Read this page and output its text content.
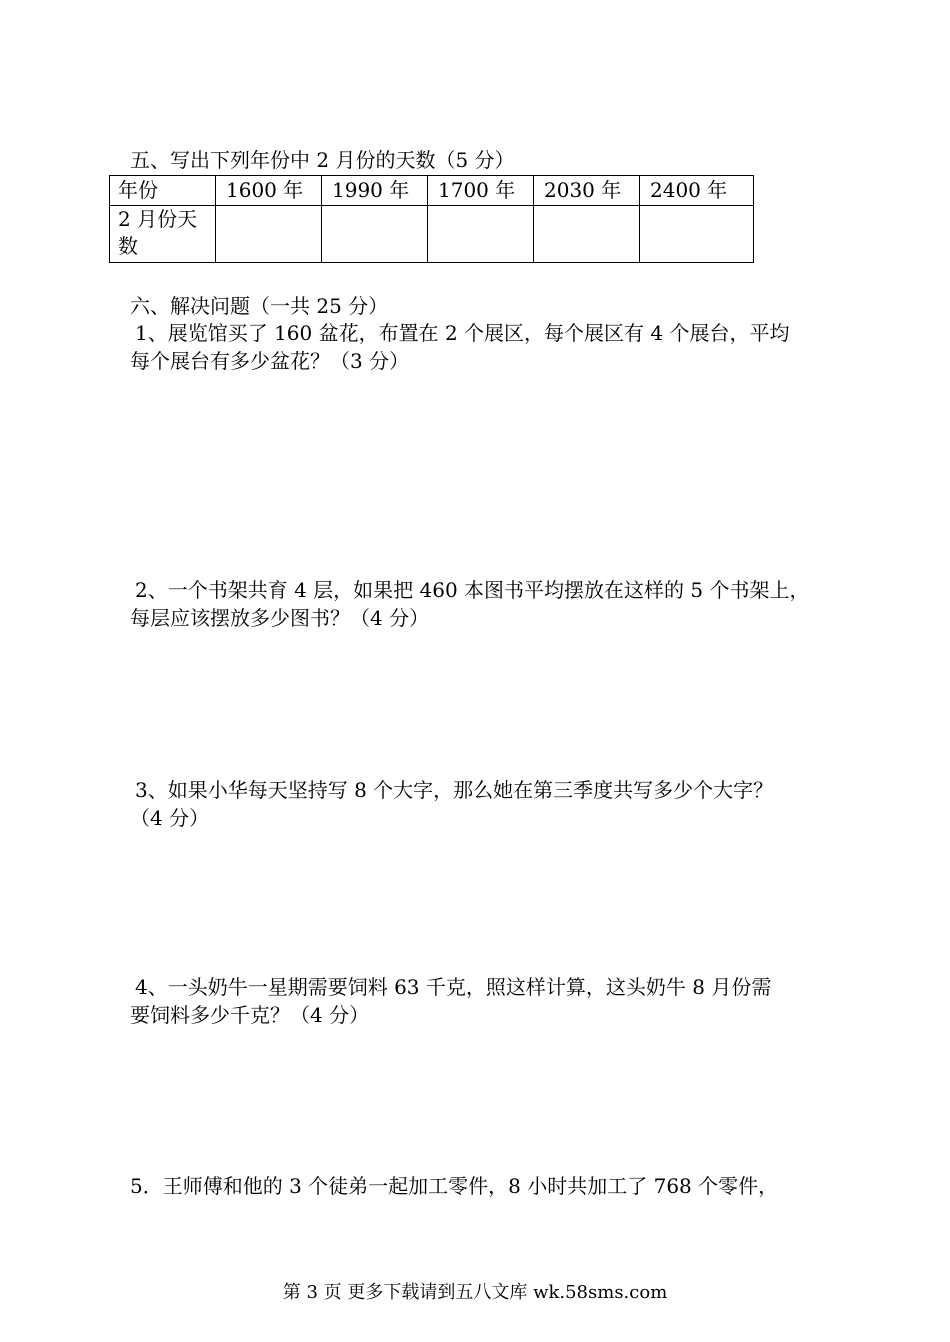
五、写出下列年份中 2 月份的天数（5 分）
年份	1600 年	1990 年	1700 年	2030 年	2400 年
2 月份天数					
六、解决问题（一共 25 分）
1、展览馆买了 160 盆花，布置在 2 个展区，每个展区有 4 个展台，平均
每个展台有多少盆花？（3 分）
2、一个书架共育 4 层，如果把 460 本图书平均摆放在这样的 5 个书架上，
每层应该摆放多少图书？（4 分）
3、如果小华每天坚持写 8 个大字，那么她在第三季度共写多少个大字？
（4 分）
4、一头奶牛一星期需要饲料 63 千克，照这样计算，这头奶牛 8 月份需
要饲料多少千克？（4 分）
5．王师傅和他的 3 个徒弟一起加工零件，8 小时共加工了 768 个零件，
第 3 页 更多下载请到五八文库 wk.58sms.com
